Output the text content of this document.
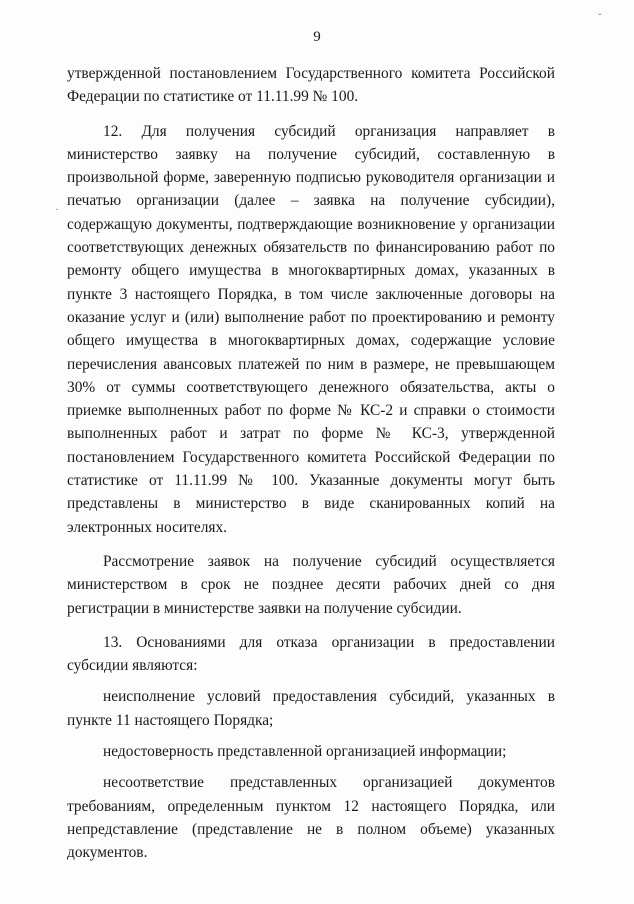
9

утвержденной постановлением Государственного комитета Российской Федерации по статистике от 11.11.99 № 100.

12. Для получения субсидий организация направляет в министерство заявку на получение субсидий, составленную в произвольной форме, заверенную подписью руководителя организации и печатью организации (далее – заявка на получение субсидии), содержащую документы, подтверждающие возникновение у организации соответствующих денежных обязательств по финансированию работ по ремонту общего имущества в многоквартирных домах, указанных в пункте 3 настоящего Порядка, в том числе заключенные договоры на оказание услуг и (или) выполнение работ по проектированию и ремонту общего имущества в многоквартирных домах, содержащие условие перечисления авансовых платежей по ним в размере, не превышающем 30% от суммы соответствующего денежного обязательства, акты о приемке выполненных работ по форме № КС-2 и справки о стоимости выполненных работ и затрат по форме № КС-3, утвержденной постановлением Государственного комитета Российской Федерации по статистике от 11.11.99 № 100. Указанные документы могут быть представлены в министерство в виде сканированных копий на электронных носителях.

Рассмотрение заявок на получение субсидий осуществляется министерством в срок не позднее десяти рабочих дней со дня регистрации в министерстве заявки на получение субсидии.

13. Основаниями для отказа организации в предоставлении субсидии являются:

неисполнение условий предоставления субсидий, указанных в пункте 11 настоящего Порядка;

недостоверность представленной организацией информации;

несоответствие представленных организацией документов требованиям, определенным пунктом 12 настоящего Порядка, или непредставление (представление не в полном объеме) указанных документов.

ˇ
·
